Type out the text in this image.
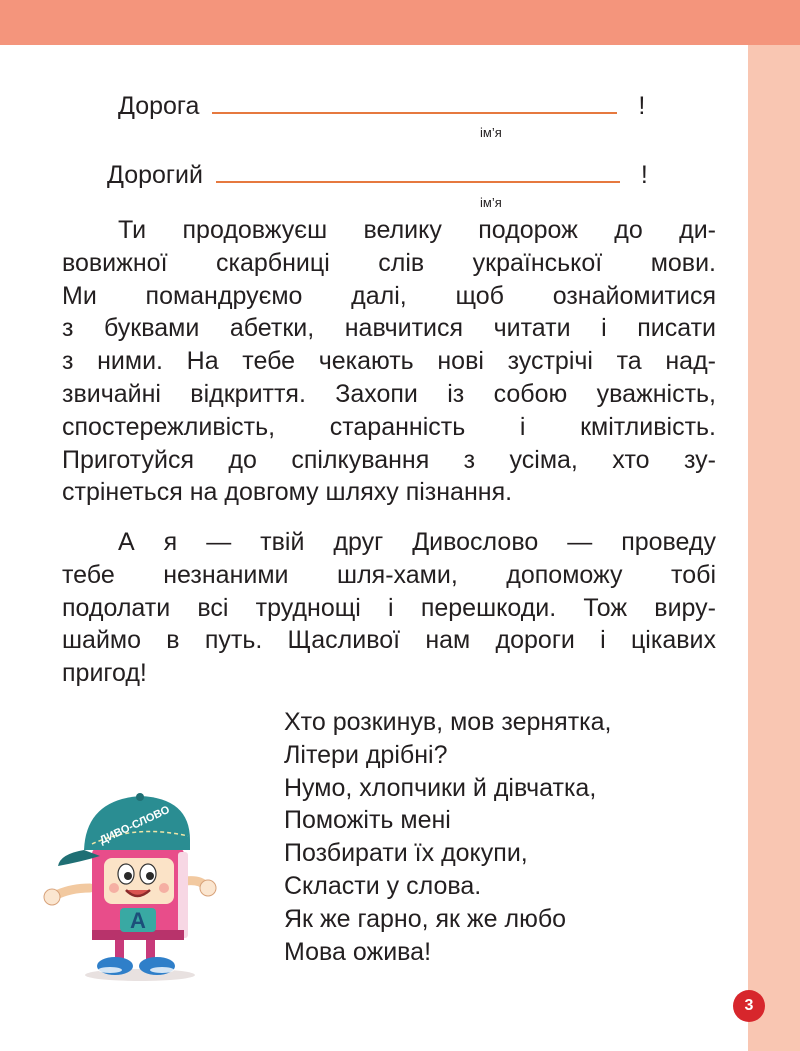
Дорога	!
ім’я
Дорогий	!
ім’я
Ти продовжуєш велику подорож до ди-
вовижної скарбниці слів української мови.
Ми помандруємо далі, щоб ознайомитися
з буквами абетки, навчитися читати і писати
з ними. На тебе чекають нові зустрічі та над-
звичайні відкриття. Захопи із собою уважність,
спостережливість, старанність і кмітливість.
Приготуйся до спілкування з усіма, хто зу-
стрінеться на довгому шляху пізнання.
А я — твій друг Дивослово — проведу
тебе незнаними шля-хами, допоможу тобі
подолати всі труднощі і перешкоди. Тож виру-
шаймо в путь. Щасливої нам дороги і цікавих
пригод!
Хто розкинув, мов зернятка,
Літери дрібні?
Нумо, хлопчики й дівчатка,
Поможіть мені
Позбирати їх докупи,
Скласти у слова.
Як же гарно, як же любо
Мова ожива!
А
ДИВО-СЛОВО
3
